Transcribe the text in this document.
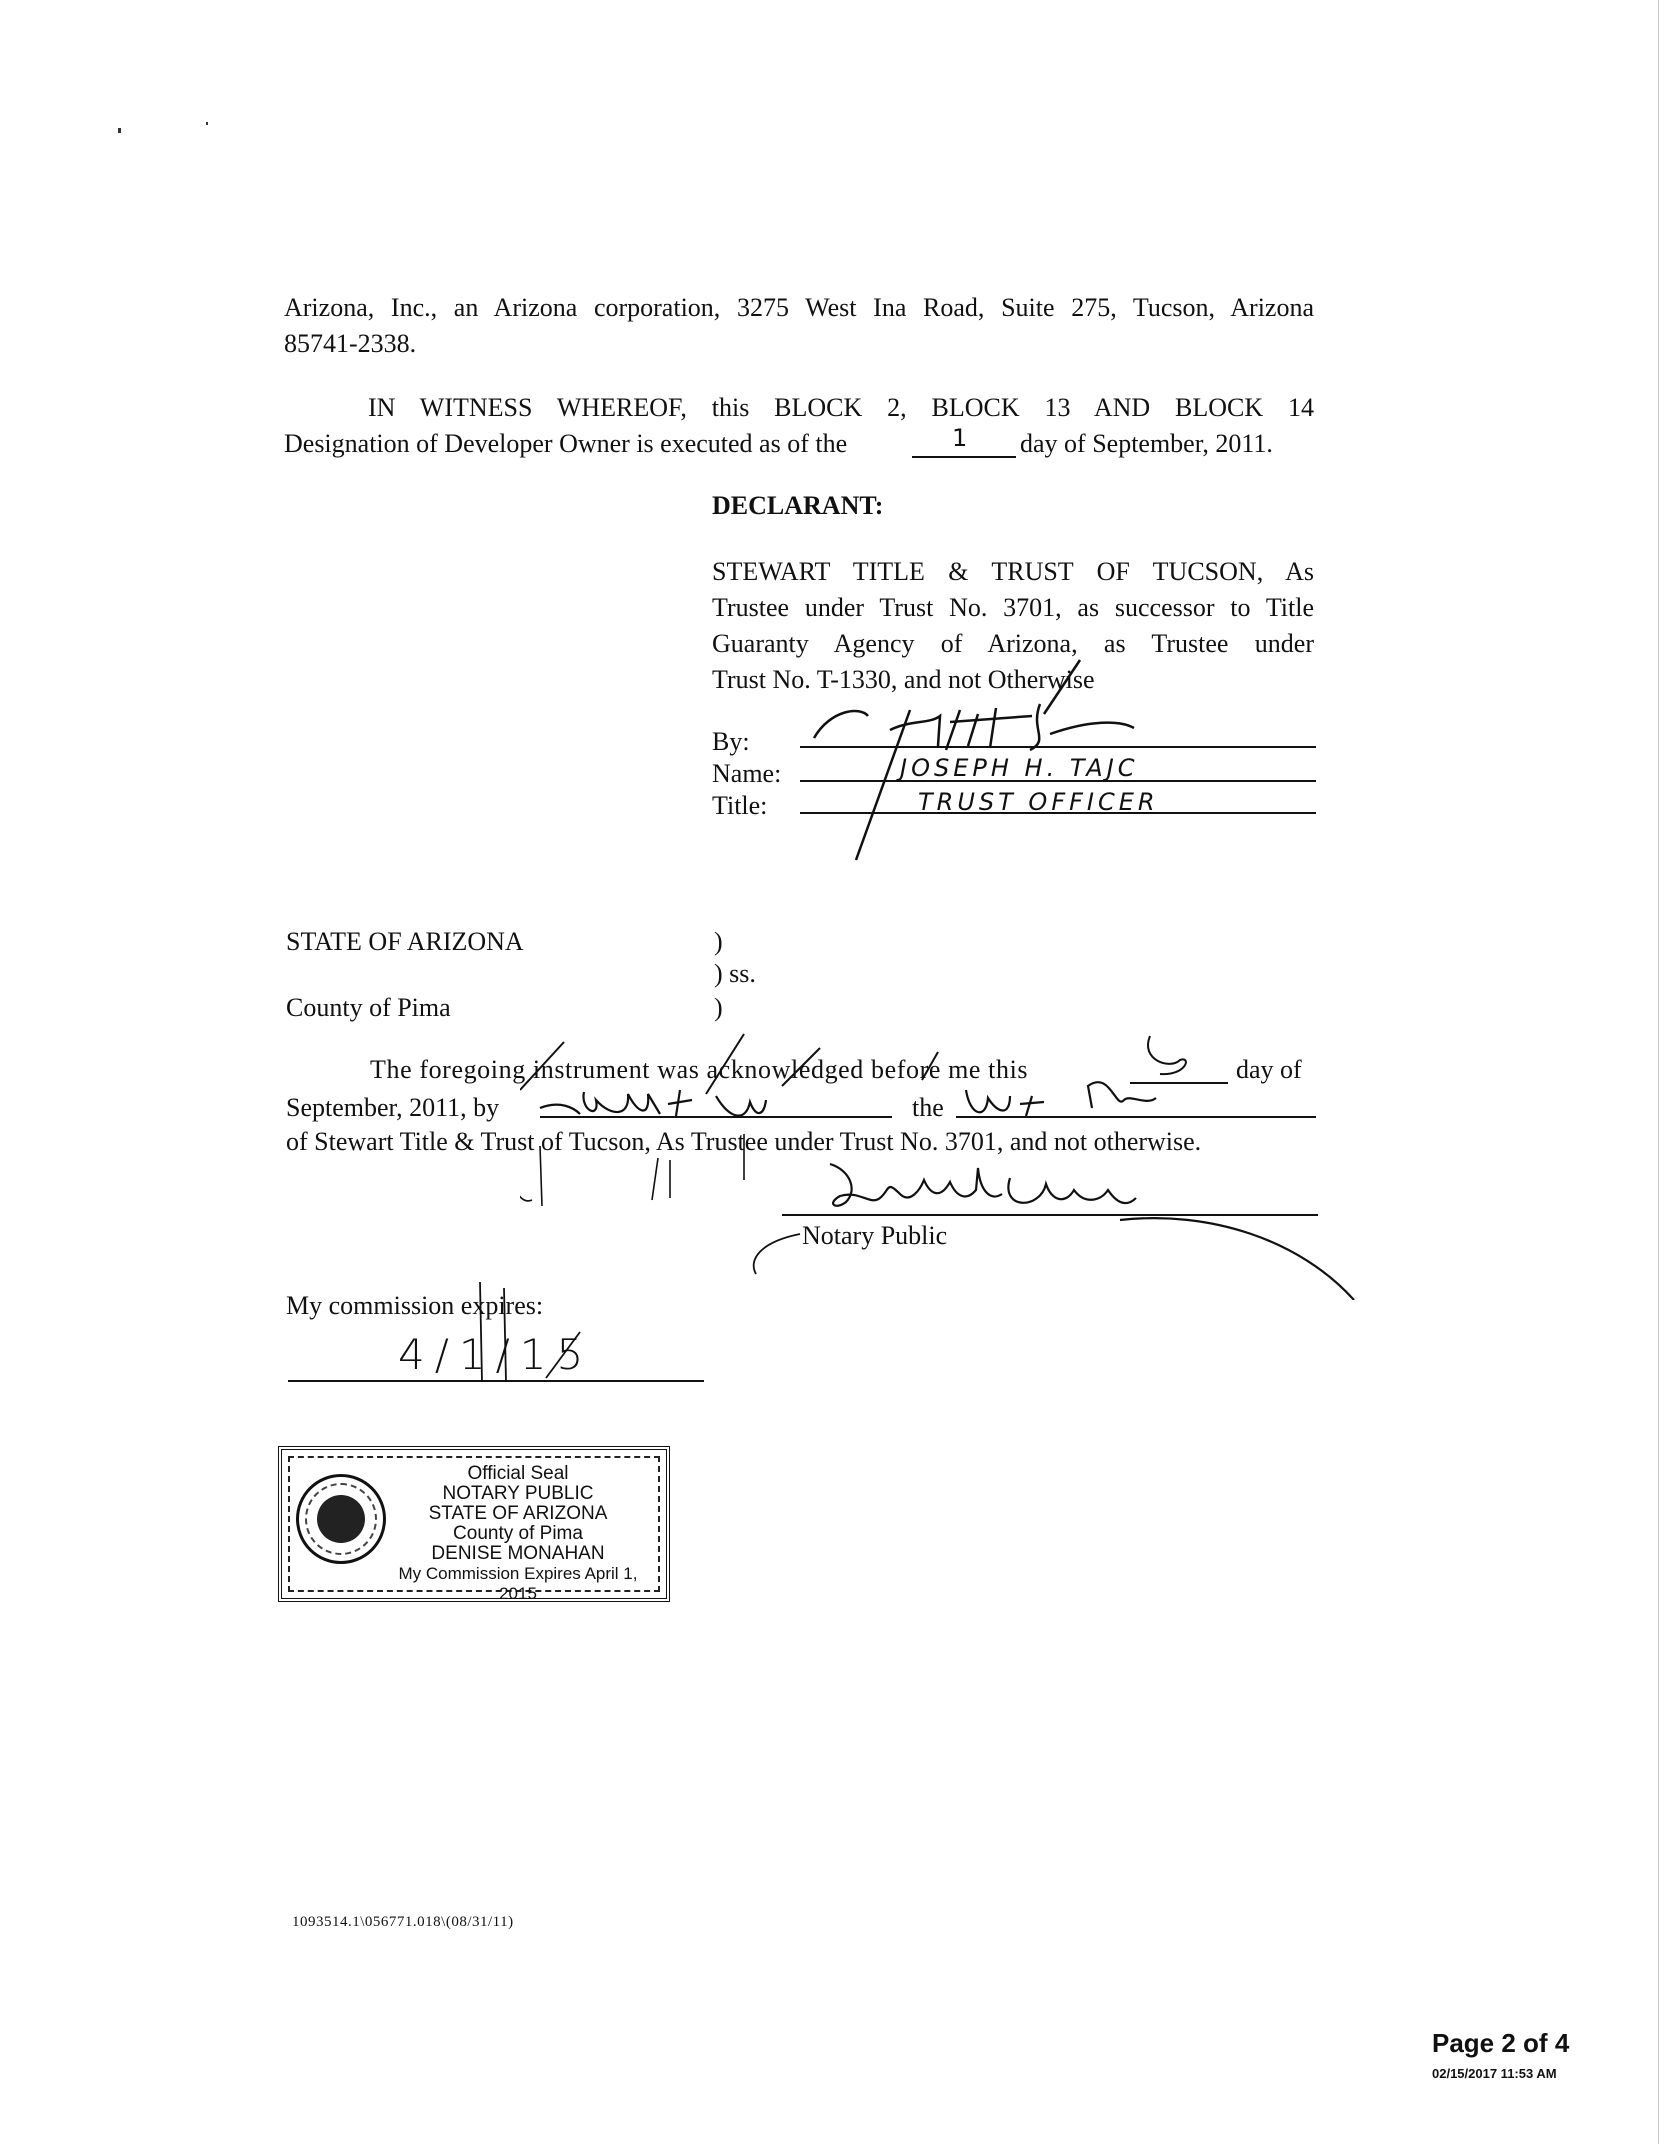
Arizona, Inc., an Arizona corporation, 3275 West Ina Road, Suite 275, Tucson, Arizona
85741-2338.
IN WITNESS WHEREOF, this BLOCK 2, BLOCK 13 AND BLOCK 14
Designation of Developer Owner is executed as of the	1 day of September, 2011.
DECLARANT:
STEWART TITLE & TRUST OF TUCSON, As
Trustee under Trust No. 3701, as successor to Title
Guaranty Agency of Arizona, as Trustee under
Trust No. T-1330, and not Otherwise
By:
Name:	JOSEPH H. TAJC
Title:	TRUST OFFICER
STATE OF ARIZONA	)
) ss.
County of Pima	)
The foregoing instrument was acknowledged before me this	day of
September, 2011, by	the
of Stewart Title & Trust of Tucson, As Trustee under Trust No. 3701, and not otherwise.
Notary Public
My commission expires:
4/1/15
Official Seal
NOTARY PUBLIC
STATE OF ARIZONA
County of Pima
DENISE MONAHAN
My Commission Expires April 1, 2015
1093514.1\056771.018\(08/31/11)
Page 2 of 4
02/15/2017 11:53 AM
